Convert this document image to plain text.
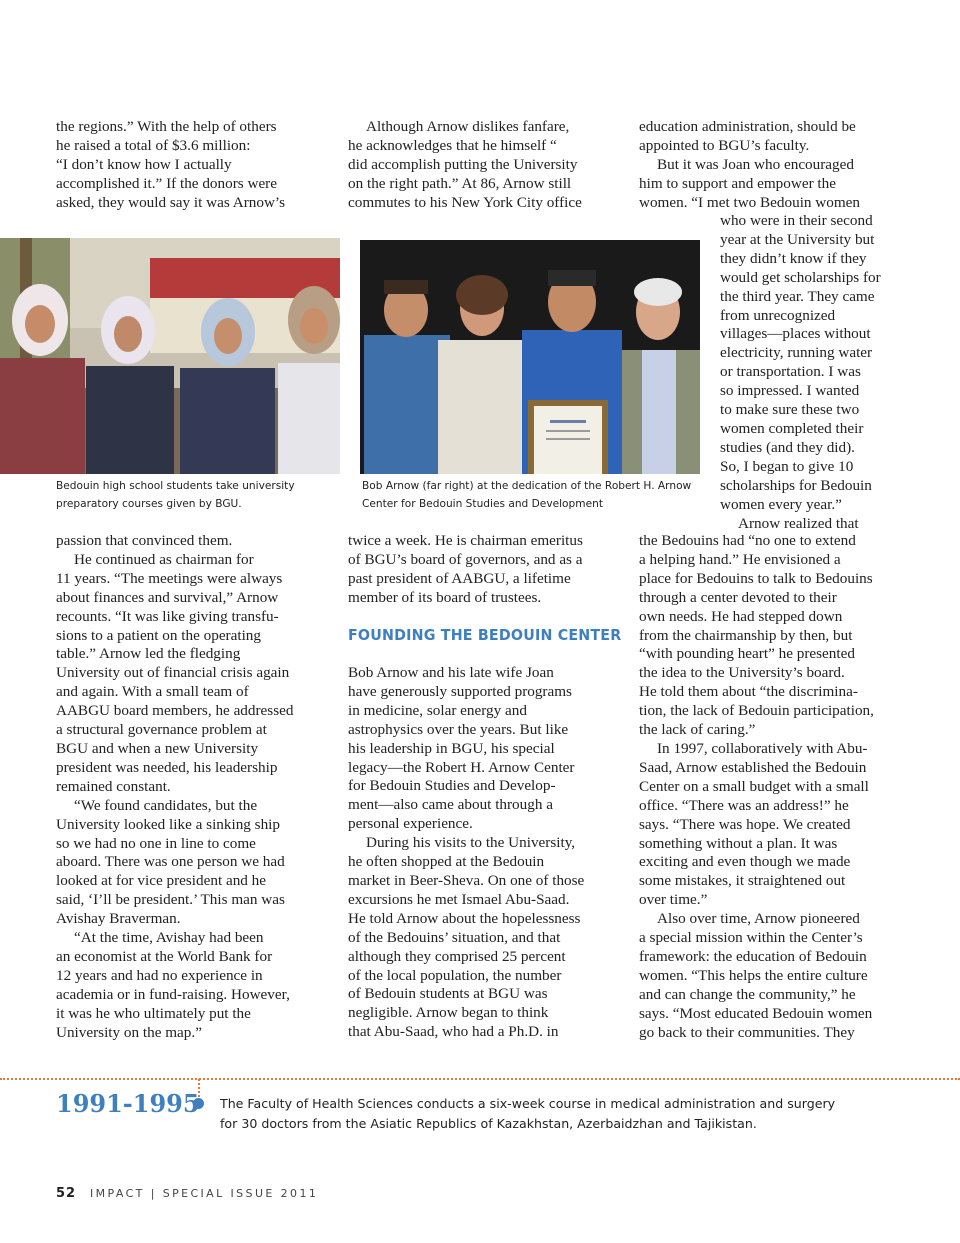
the regions.” With the help of others
he raised a total of $3.6 million:
“I don’t know how I actually
accomplished it.” If the donors were
asked, they would say it was Arnow’s
Bedouin high school students take university
preparatory courses given by BGU.
passion that convinced them.
He continued as chairman for
11 years. “The meetings were always
about finances and survival,” Arnow
recounts. “It was like giving transfu-
sions to a patient on the operating
table.” Arnow led the fledging
University out of financial crisis again
and again. With a small team of
AABGU board members, he addressed
a structural governance problem at
BGU and when a new University
president was needed, his leadership
remained constant.
“We found candidates, but the
University looked like a sinking ship
so we had no one in line to come
aboard. There was one person we had
looked at for vice president and he
said, ‘I’ll be president.’ This man was
Avishay Braverman.
“At the time, Avishay had been
an economist at the World Bank for
12 years and had no experience in
academia or in fund-raising. However,
it was he who ultimately put the
University on the map.”
Although Arnow dislikes fanfare,
he acknowledges that he himself “
did accomplish putting the University
on the right path.” At 86, Arnow still
commutes to his New York City office
Bob Arnow (far right) at the dedication of the Robert H. Arnow
Center for Bedouin Studies and Development
twice a week. He is chairman emeritus
of BGU’s board of governors, and as a
past president of AABGU, a lifetime
member of its board of trustees.
FOUNDING THE BEDOUIN CENTER
Bob Arnow and his late wife Joan
have generously supported programs
in medicine, solar energy and
astrophysics over the years. But like
his leadership in BGU, his special
legacy—the Robert H. Arnow Center
for Bedouin Studies and Develop-
ment—also came about through a
personal experience.
During his visits to the University,
he often shopped at the Bedouin
market in Beer-Sheva. On one of those
excursions he met Ismael Abu-Saad.
He told Arnow about the hopelessness
of the Bedouins’ situation, and that
although they comprised 25 percent
of the local population, the number
of Bedouin students at BGU was
negligible. Arnow began to think
that Abu-Saad, who had a Ph.D. in
education administration, should be
appointed to BGU’s faculty.
But it was Joan who encouraged
him to support and empower the
women. “I met two Bedouin women
who were in their second
year at the University but
they didn’t know if they
would get scholarships for
the third year. They came
from unrecognized
villages—places without
electricity, running water
or transportation. I was
so impressed. I wanted
to make sure these two
women completed their
studies (and they did).
So, I began to give 10
scholarships for Bedouin
women every year.”
Arnow realized that
the Bedouins had “no one to extend
a helping hand.” He envisioned a
place for Bedouins to talk to Bedouins
through a center devoted to their
own needs. He had stepped down
from the chairmanship by then, but
“with pounding heart” he presented
the idea to the University’s board.
He told them about “the discrimina-
tion, the lack of Bedouin participation,
the lack of caring.”
In 1997, collaboratively with Abu-
Saad, Arnow established the Bedouin
Center on a small budget with a small
office. “There was an address!” he
says. “There was hope. We created
something without a plan. It was
exciting and even though we made
some mistakes, it straightened out
over time.”
Also over time, Arnow pioneered
a special mission within the Center’s
framework: the education of Bedouin
women. “This helps the entire culture
and can change the community,” he
says. “Most educated Bedouin women
go back to their communities. They
1991-1995 The Faculty of Health Sciences conducts a six-week course in medical administration and surgery
for 30 doctors from the Asiatic Republics of Kazakhstan, Azerbaidzhan and Tajikistan.
52 IMPACT | SPECIAL ISSUE 2011
